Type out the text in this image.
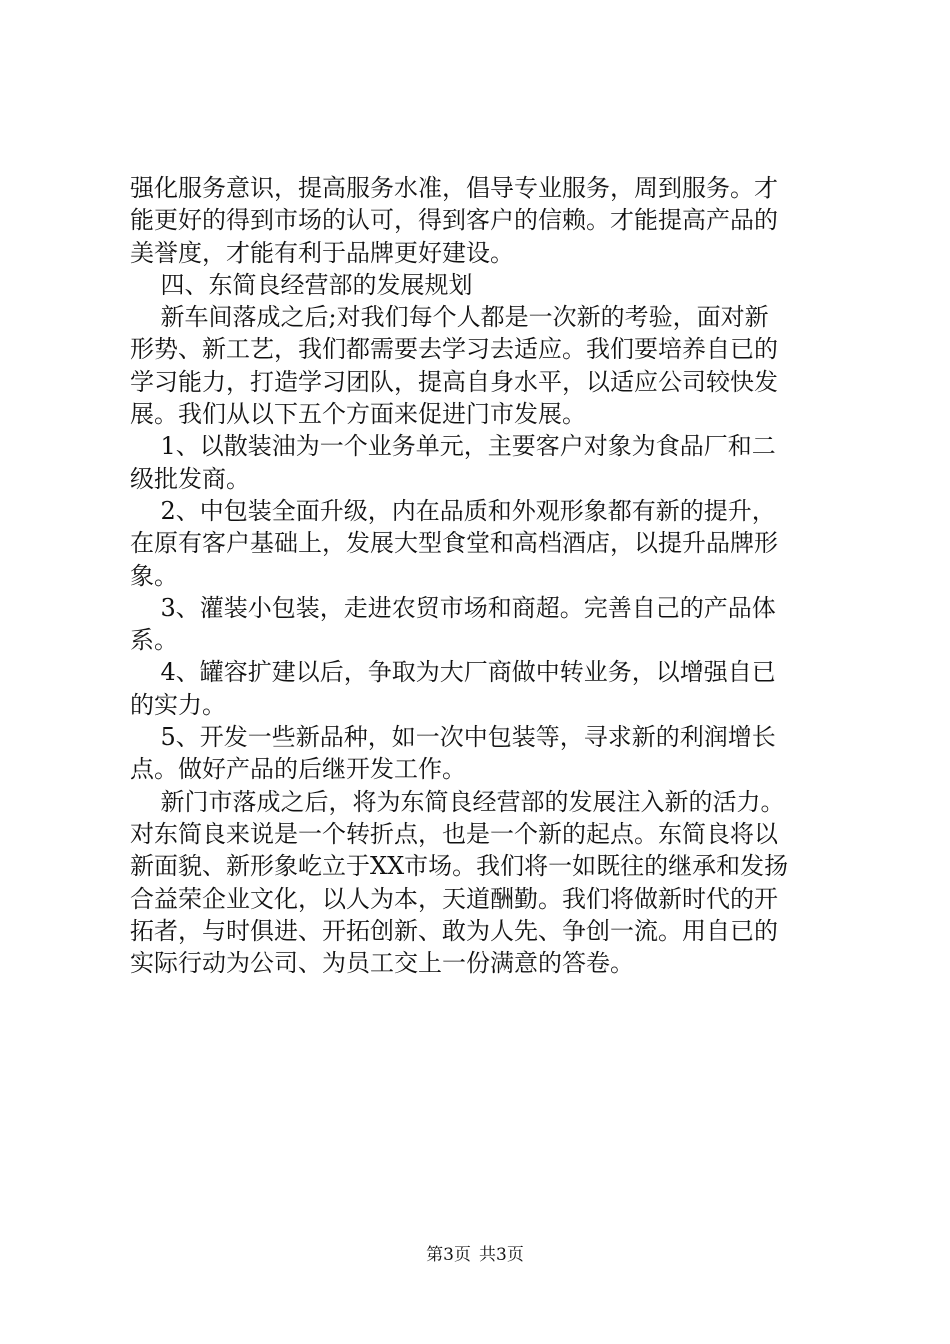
强化服务意识，提高服务水准，倡导专业服务，周到服务。才
能更好的得到市场的认可，得到客户的信赖。才能提高产品的
美誉度，才能有利于品牌更好建设。
四、东简良经营部的发展规划
新车间落成之后;对我们每个人都是一次新的考验，面对新
形势、新工艺，我们都需要去学习去适应。我们要培养自已的
学习能力，打造学习团队，提高自身水平，以适应公司较快发
展。我们从以下五个方面来促进门市发展。
1、以散装油为一个业务单元，主要客户对象为食品厂和二
级批发商。
2、中包装全面升级，内在品质和外观形象都有新的提升，
在原有客户基础上，发展大型食堂和高档酒店，以提升品牌形
象。
3、灌装小包装，走进农贸市场和商超。完善自己的产品体
系。
4、罐容扩建以后，争取为大厂商做中转业务，以增强自已
的实力。
5、开发一些新品种，如一次中包装等，寻求新的利润增长
点。做好产品的后继开发工作。
新门市落成之后，将为东简良经营部的发展注入新的活力。
对东简良来说是一个转折点，也是一个新的起点。东简良将以
新面貌、新形象屹立于XX市场。我们将一如既往的继承和发扬
合益荣企业文化，以人为本，天道酬勤。我们将做新时代的开
拓者，与时俱进、开拓创新、敢为人先、争创一流。用自已的
实际行动为公司、为员工交上一份满意的答卷。
第3页 共3页
